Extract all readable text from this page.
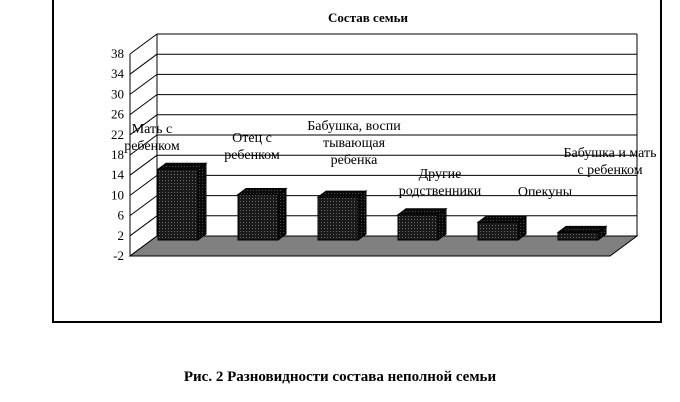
Состав семьи
-2
2
6
10
14
18
22
26
30
34
38
Мать с ребенком
Отец с ребенком
Бабушка, воспи тывающая ребенка
Другие родственники	Опекуны
Бабушка и мать с ребенком
Рис. 2 Разновидности состава неполной семьи
